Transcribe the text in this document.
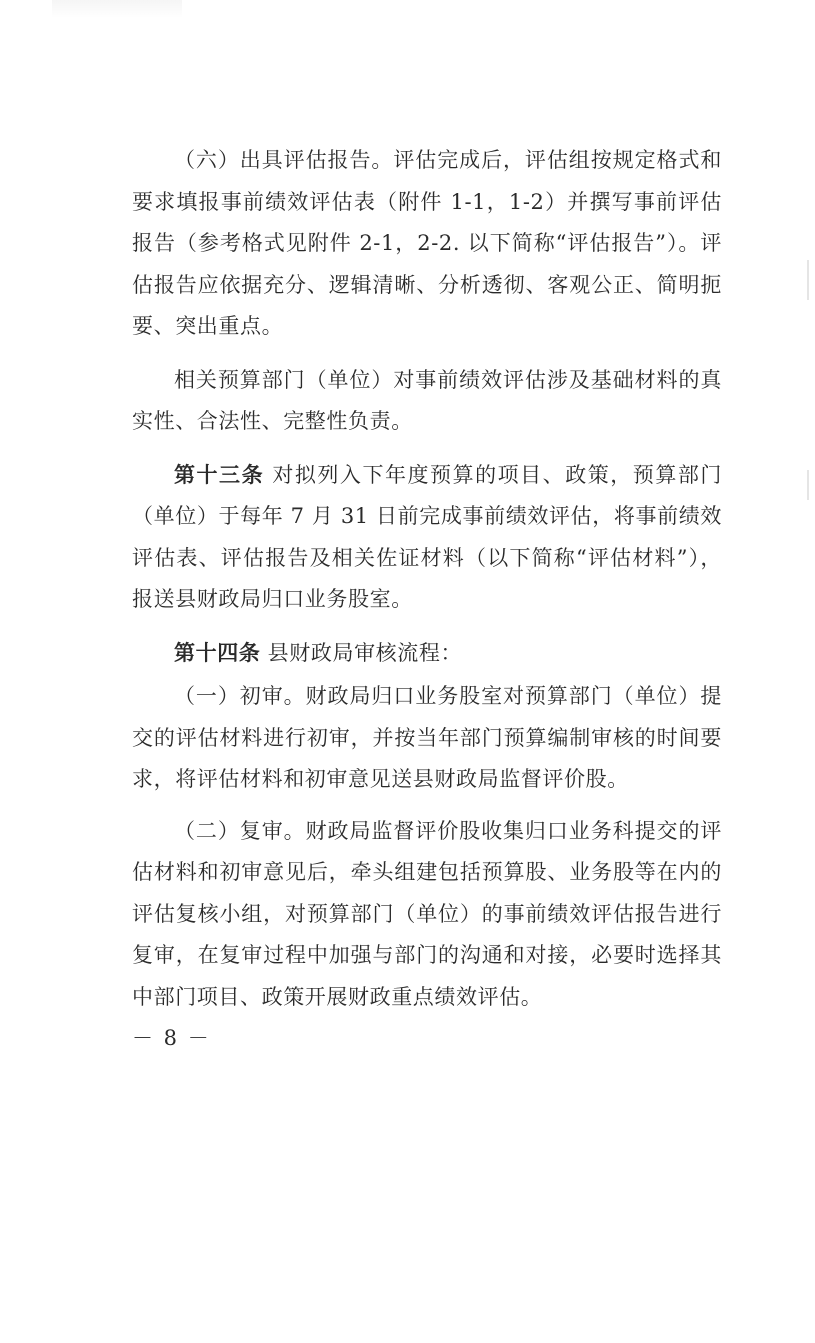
（六）出具评估报告。评估完成后，评估组按规定格式和要求填报事前绩效评估表（附件 1-1，1-2）并撰写事前评估报告（参考格式见附件 2-1，2-2. 以下简称“评估报告”）。评估报告应依据充分、逻辑清晰、分析透彻、客观公正、简明扼要、突出重点。

相关预算部门（单位）对事前绩效评估涉及基础材料的真实性、合法性、完整性负责。

第十三条 对拟列入下年度预算的项目、政策，预算部门（单位）于每年 7 月 31 日前完成事前绩效评估，将事前绩效评估表、评估报告及相关佐证材料（以下简称“评估材料”），报送县财政局归口业务股室。

第十四条 县财政局审核流程：

（一）初审。财政局归口业务股室对预算部门（单位）提交的评估材料进行初审，并按当年部门预算编制审核的时间要求，将评估材料和初审意见送县财政局监督评价股。

（二）复审。财政局监督评价股收集归口业务科提交的评估材料和初审意见后，牵头组建包括预算股、业务股等在内的评估复核小组，对预算部门（单位）的事前绩效评估报告进行复审，在复审过程中加强与部门的沟通和对接，必要时选择其中部门项目、政策开展财政重点绩效评估。

－ 8 －
